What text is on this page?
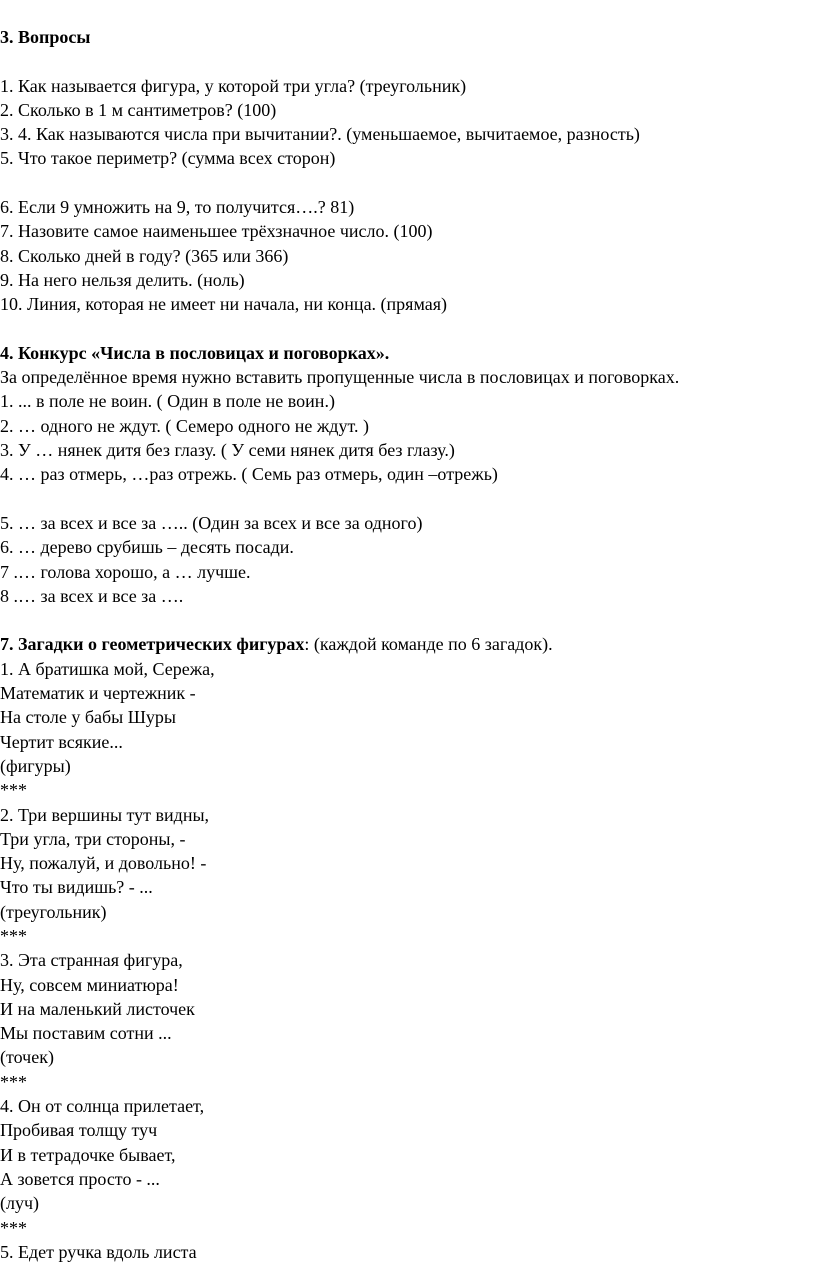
3. Вопросы
1. Как называется фигура, у которой три угла? (треугольник)
2. Сколько в 1 м сантиметров? (100)
3. 4. Как называются числа при вычитании?. (уменьшаемое, вычитаемое, разность)
5. Что такое периметр? (сумма всех сторон)
6. Если 9 умножить на 9, то получится….? 81)
7. Назовите самое наименьшее трёхзначное число. (100)
8. Сколько дней в году? (365 или 366)
9. На него нельзя делить. (ноль)
10. Линия, которая не имеет ни начала, ни конца. (прямая)
4. Конкурс «Числа в пословицах и поговорках».
За определённое время нужно вставить пропущенные числа в пословицах и поговорках.
1. ... в поле не воин. ( Один в поле не воин.)
2. … одного не ждут. ( Семеро одного не ждут. )
3. У … нянек дитя без глазу. ( У семи нянек дитя без глазу.)
4. … раз отмерь, …раз отрежь. ( Семь раз отмерь, один –отрежь)
5. … за всех и все за ….. (Один за всех и все за одного)
6. … дерево срубишь – десять посади.
7 .… голова хорошо, а … лучше.
8 .… за всех и все за ….
7. Загадки о геометрических фигурах: (каждой команде по 6 загадок).
1. А братишка мой, Сережа,
Математик и чертежник -
На столе у бабы Шуры
Чертит всякие...
(фигуры)
***
2. Три вершины тут видны,
Три угла, три стороны, -
Ну, пожалуй, и довольно! -
Что ты видишь? - ...
(треугольник)
***
3. Эта странная фигура,
Ну, совсем миниатюра!
И на маленький листочек
Мы поставим сотни ...
(точек)
***
4. Он от солнца прилетает,
Пробивая толщу туч
И в тетрадочке бывает,
А зовется просто - ...
(луч)
***
5. Едет ручка вдоль листа
